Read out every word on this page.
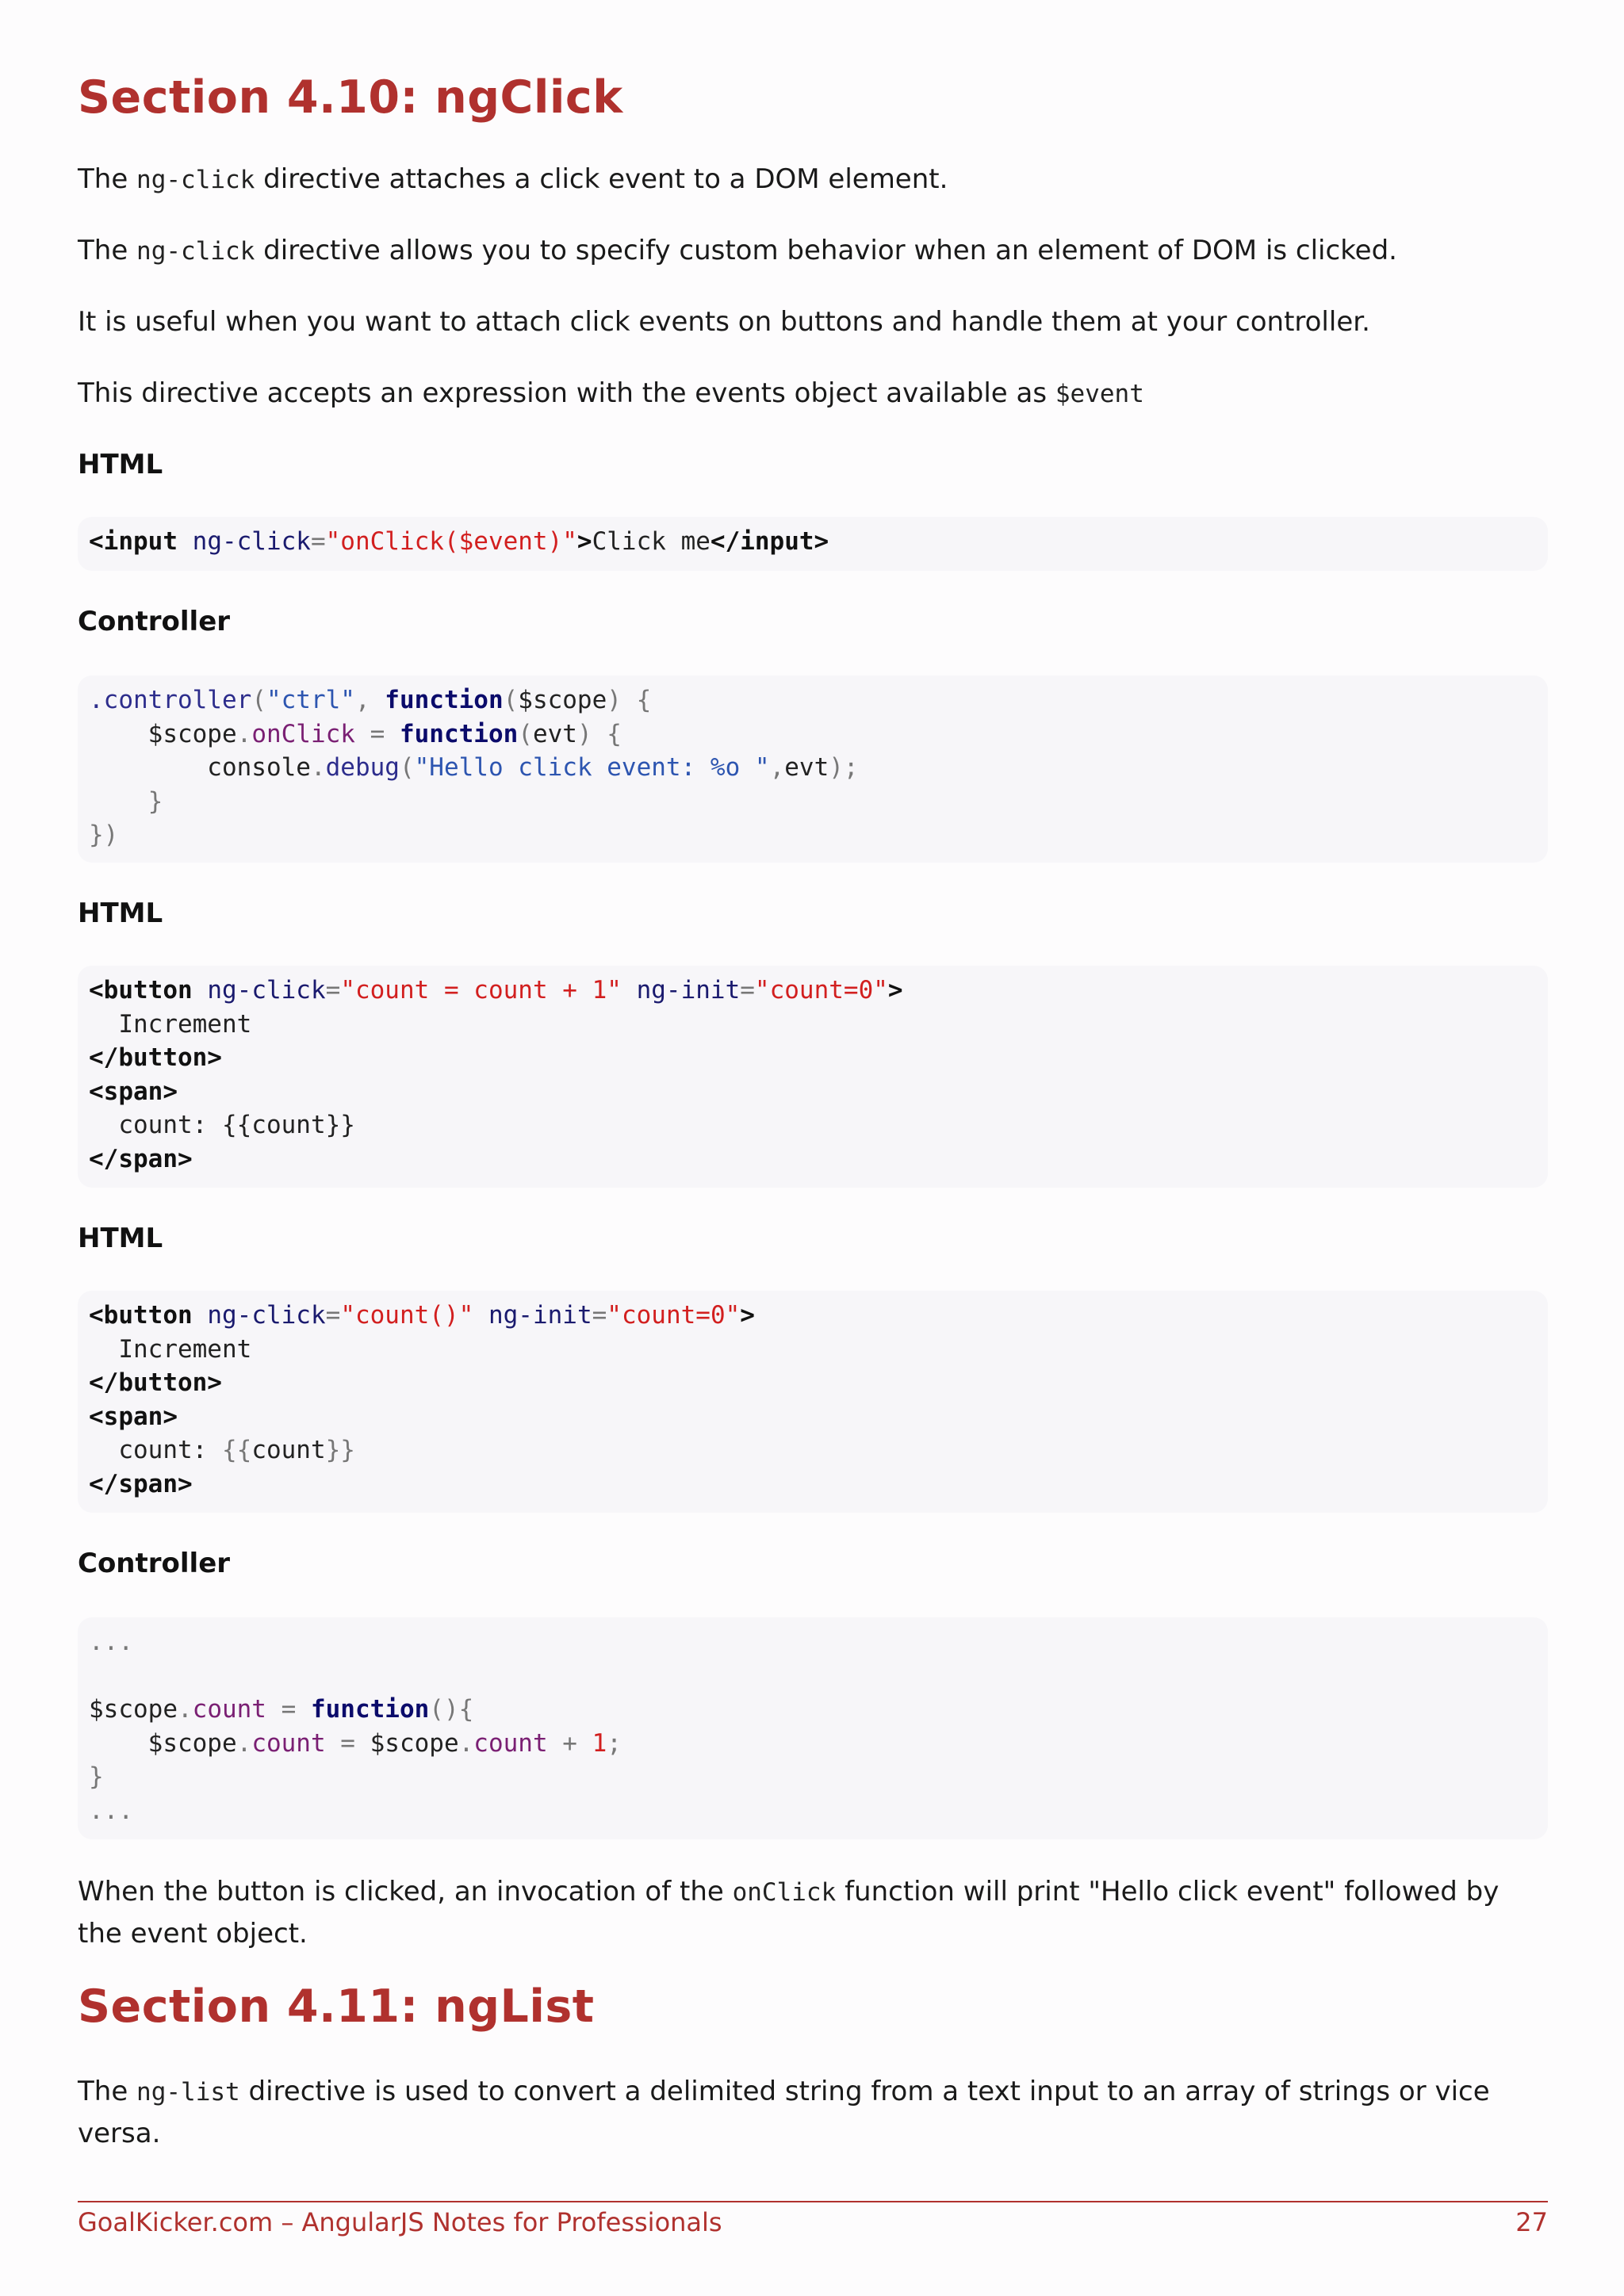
Section 4.10: ngClick

The ng-click directive attaches a click event to a DOM element.

The ng-click directive allows you to specify custom behavior when an element of DOM is clicked.

It is useful when you want to attach click events on buttons and handle them at your controller.

This directive accepts an expression with the events object available as $event

HTML
<input ng-click="onClick($event)">Click me</input>
Controller
.controller("ctrl", function($scope) {
$scope.onClick = function(evt) {
console.debug("Hello click event: %o ",evt);
}
})
HTML
<button ng-click="count = count + 1" ng-init="count=0">
Increment
</button>
<span>
count: {{count}}
</span>
HTML
<button ng-click="count()" ng-init="count=0">
Increment
</button>
<span>
count: {{count}}
</span>
Controller
...
$scope.count = function(){
$scope.count = $scope.count + 1;
}
...

When the button is clicked, an invocation of the onClick function will print "Hello click event" followed by the event object.

Section 4.11: ngList

The ng-list directive is used to convert a delimited string from a text input to an array of strings or vice versa.

GoalKicker.com – AngularJS Notes for Professionals	27
